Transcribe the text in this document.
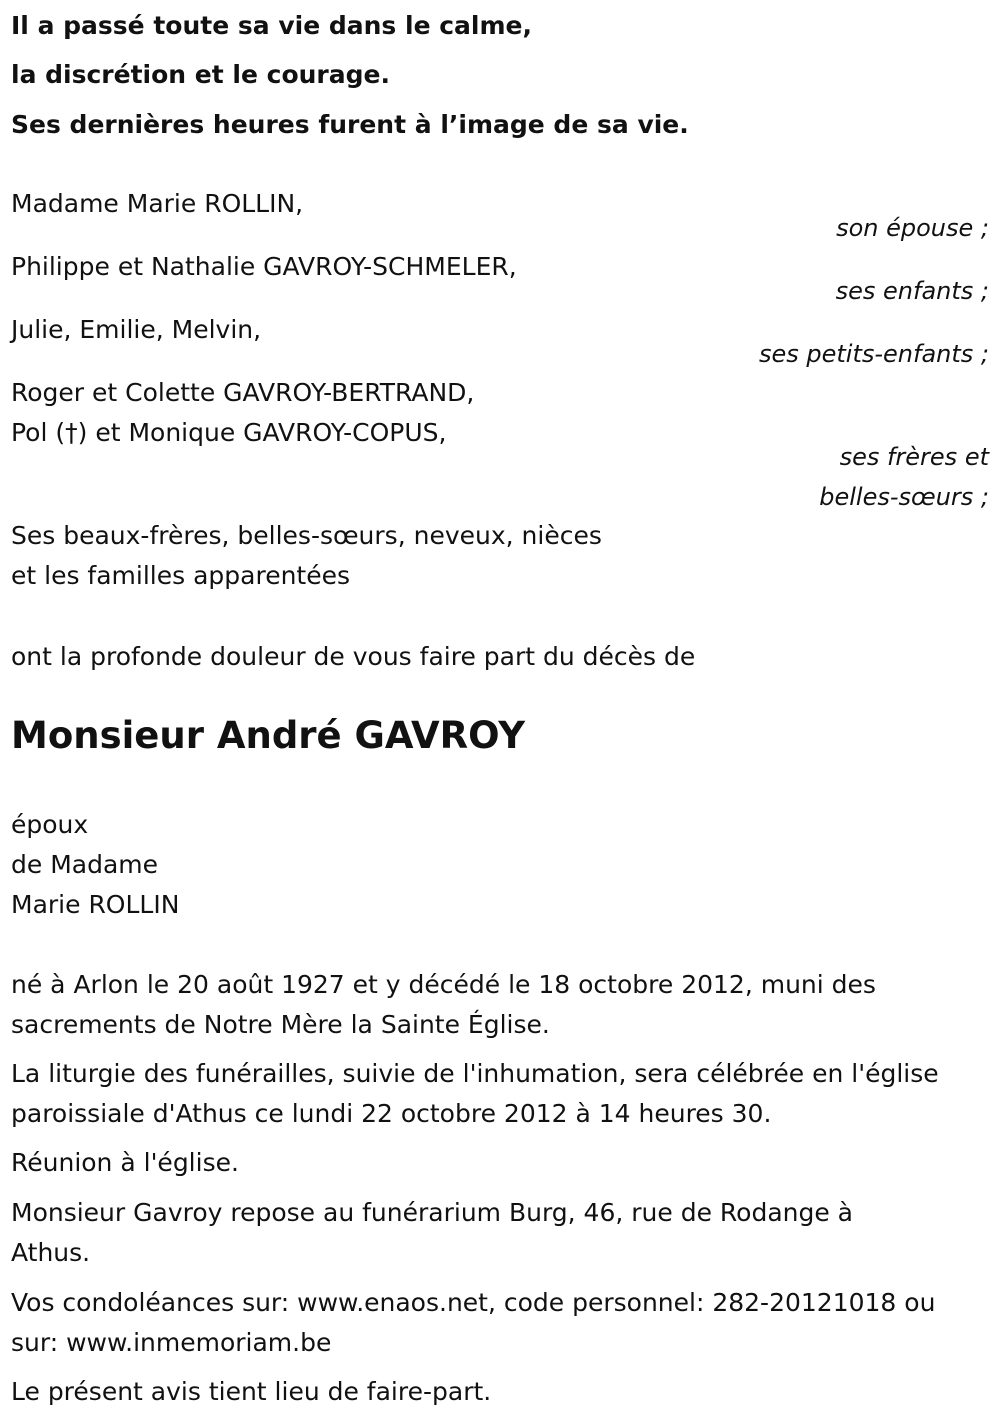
Il a passé toute sa vie dans le calme,
la discrétion et le courage.
Ses dernières heures furent à l’image de sa vie.
Madame Marie ROLLIN,
son épouse ;
Philippe et Nathalie GAVROY-SCHMELER,
ses enfants ;
Julie, Emilie, Melvin,
ses petits-enfants ;
Roger et Colette GAVROY-BERTRAND,
Pol (†) et Monique GAVROY-COPUS,
ses frères et
belles-sœurs ;
Ses beaux-frères, belles-sœurs, neveux, nièces
et les familles apparentées
ont la profonde douleur de vous faire part du décès de
Monsieur André GAVROY
époux
de Madame
Marie ROLLIN
né à Arlon le 20 août 1927 et y décédé le 18 octobre 2012, muni des
sacrements de Notre Mère la Sainte Église.
La liturgie des funérailles, suivie de l'inhumation, sera célébrée en l'église
paroissiale d'Athus ce lundi 22 octobre 2012 à 14 heures 30.
Réunion à l'église.
Monsieur Gavroy repose au funérarium Burg, 46, rue de Rodange à
Athus.
Vos condoléances sur: www.enaos.net, code personnel: 282-20121018 ou
sur: www.inmemoriam.be
Le présent avis tient lieu de faire-part.
